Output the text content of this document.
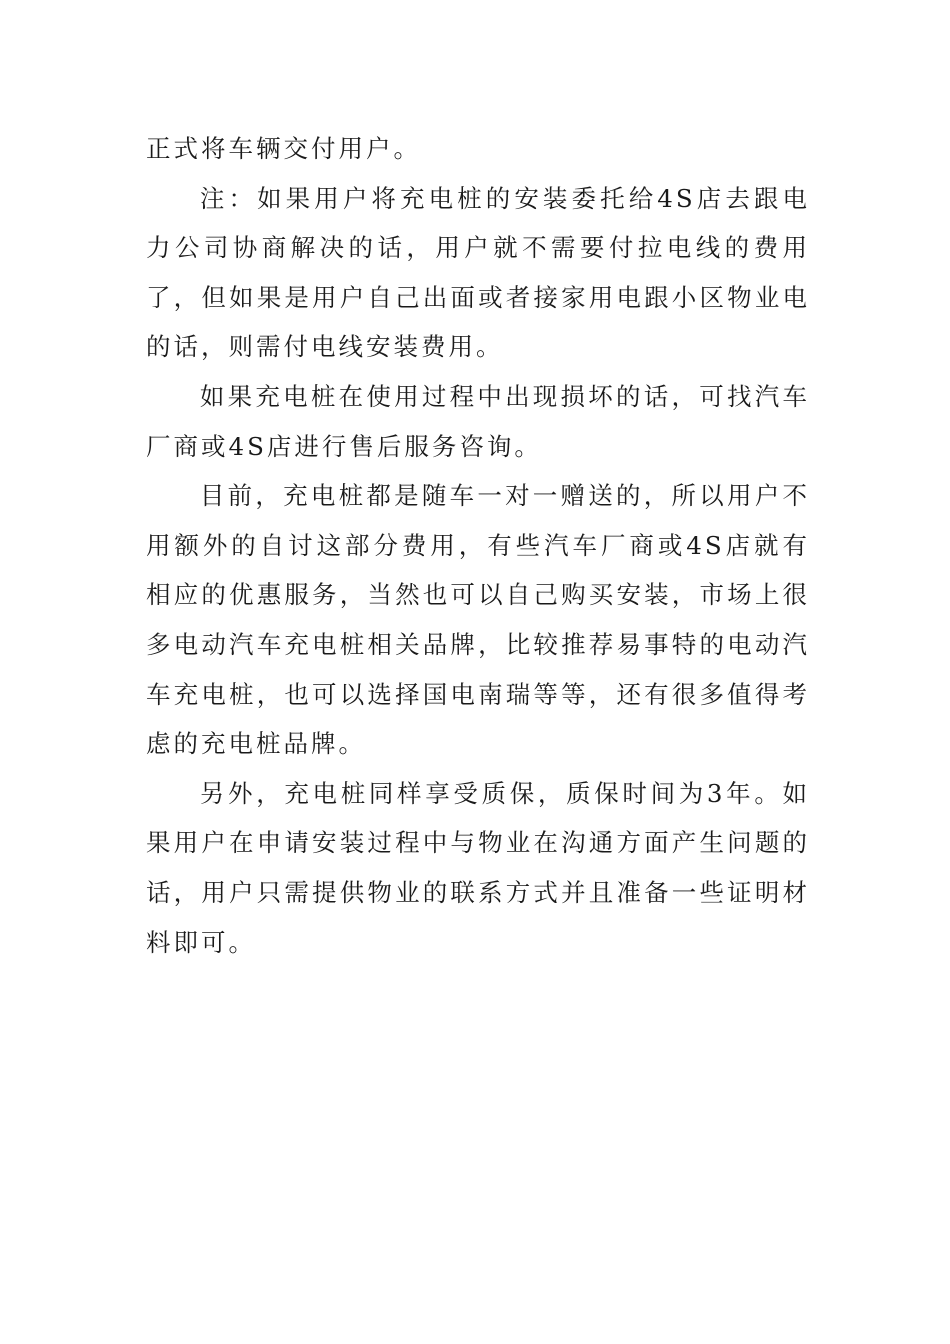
正式将车辆交付用户。

注：如果用户将充电桩的安装委托给4S店去跟电力公司协商解决的话，用户就不需要付拉电线的费用了，但如果是用户自己出面或者接家用电跟小区物业电的话，则需付电线安装费用。

如果充电桩在使用过程中出现损坏的话，可找汽车厂商或4S店进行售后服务咨询。

目前，充电桩都是随车一对一赠送的，所以用户不用额外的自讨这部分费用，有些汽车厂商或4S店就有相应的优惠服务，当然也可以自己购买安装，市场上很多电动汽车充电桩相关品牌，比较推荐易事特的电动汽车充电桩，也可以选择国电南瑞等等，还有很多值得考虑的充电桩品牌。

另外，充电桩同样享受质保，质保时间为3年。如果用户在申请安装过程中与物业在沟通方面产生问题的话，用户只需提供物业的联系方式并且准备一些证明材料即可。
